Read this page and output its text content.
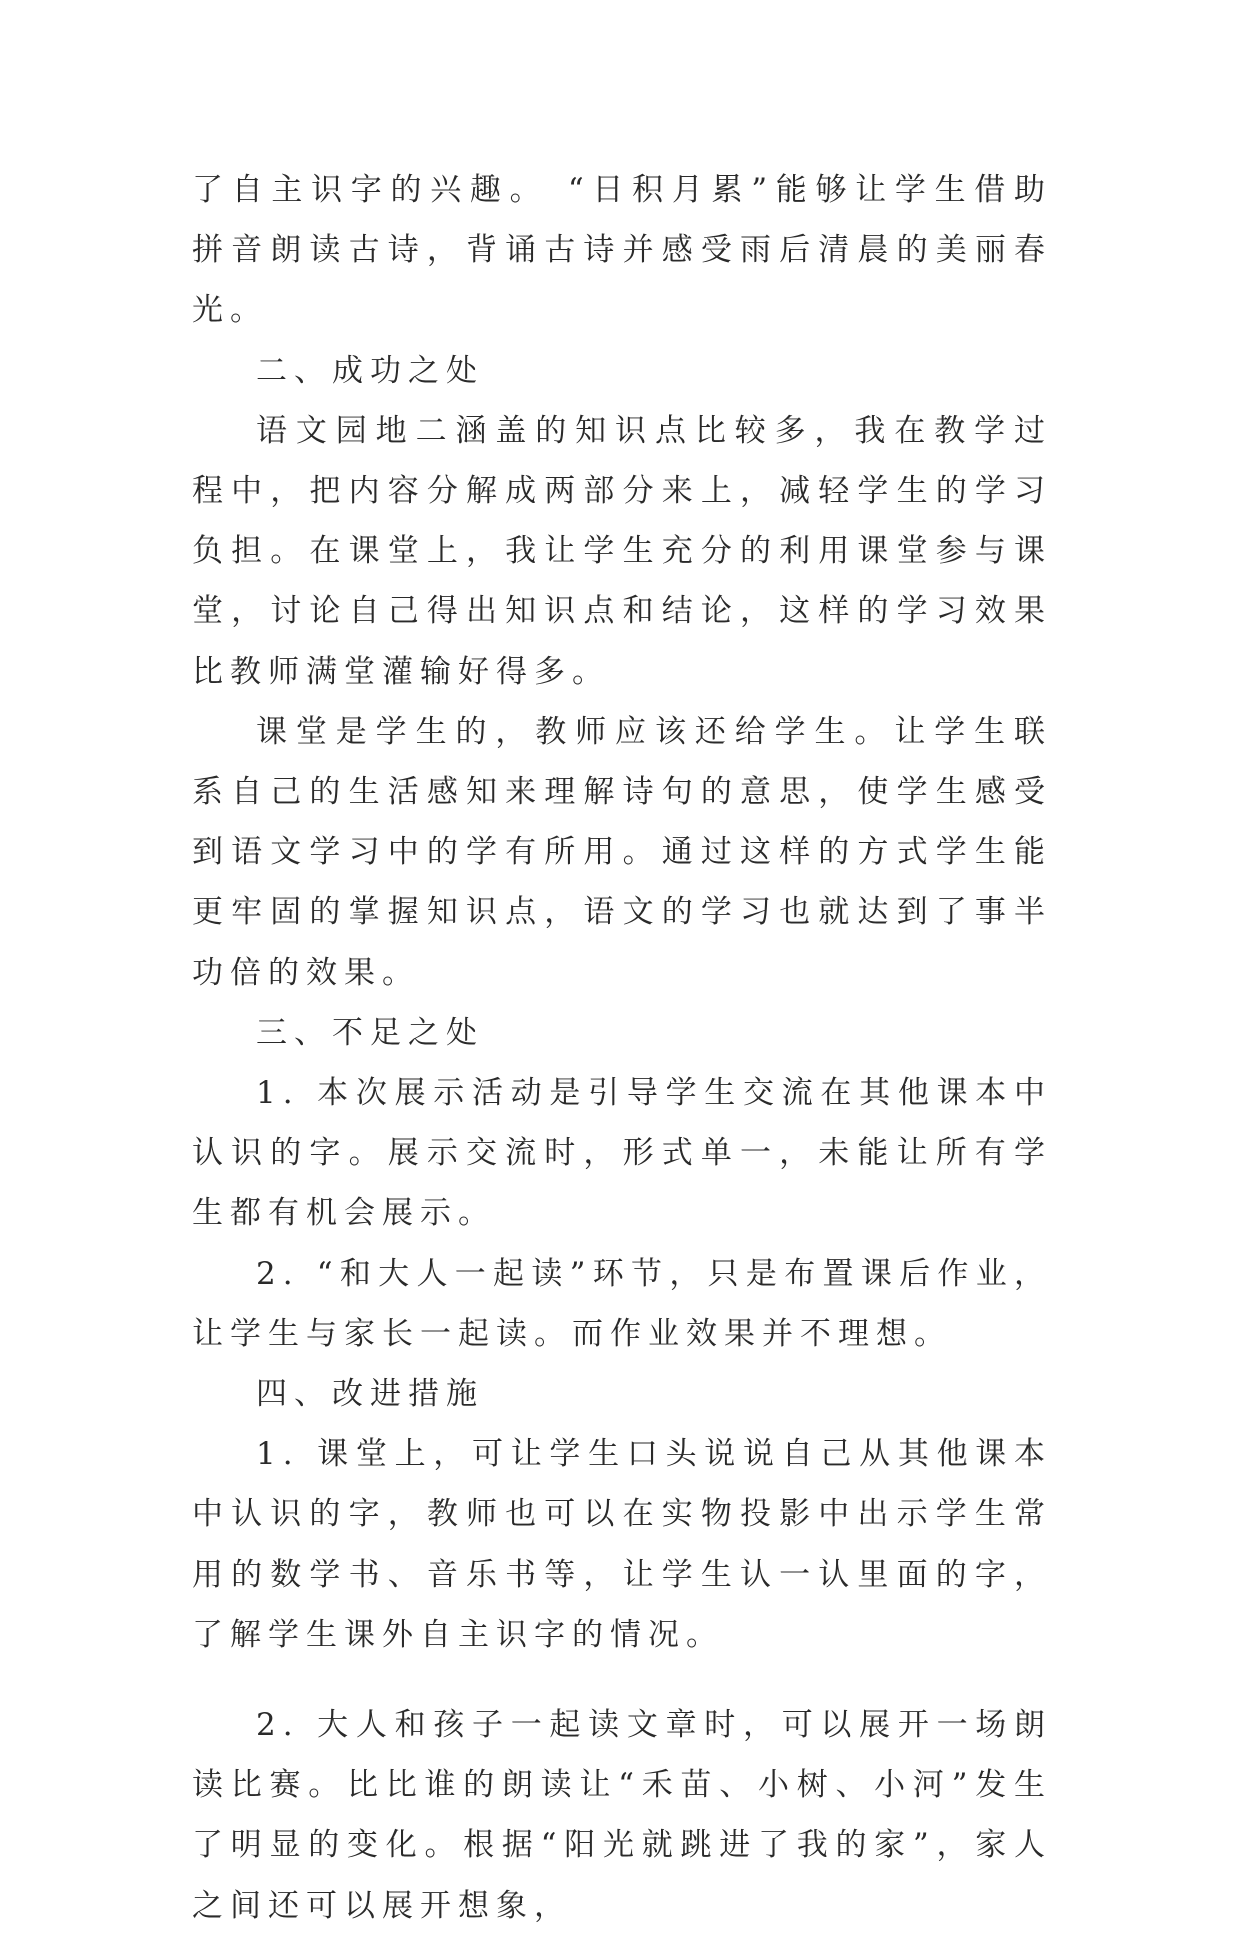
了自主识字的兴趣。 “日积月累”能够让学生借助拼音朗读古诗，背诵古诗并感受雨后清晨的美丽春光。

二、成功之处

语文园地二涵盖的知识点比较多，我在教学过程中，把内容分解成两部分来上，减轻学生的学习负担。在课堂上，我让学生充分的利用课堂参与课堂，讨论自己得出知识点和结论，这样的学习效果比教师满堂灌输好得多。

课堂是学生的，教师应该还给学生。让学生联系自己的生活感知来理解诗句的意思，使学生感受到语文学习中的学有所用。通过这样的方式学生能更牢固的掌握知识点，语文的学习也就达到了事半功倍的效果。

三、不足之处

1. 本次展示活动是引导学生交流在其他课本中认识的字。展示交流时，形式单一，未能让所有学生都有机会展示。

2. “和大人一起读”环节，只是布置课后作业，让学生与家长一起读。而作业效果并不理想。

四、改进措施

1. 课堂上，可让学生口头说说自己从其他课本中认识的字，教师也可以在实物投影中出示学生常用的数学书、音乐书等，让学生认一认里面的字，了解学生课外自主识字的情况。

2. 大人和孩子一起读文章时，可以展开一场朗读比赛。比比谁的朗读让“禾苗、小树、小河”发生了明显的变化。根据“阳光就跳进了我的家”，家人之间还可以展开想象，
